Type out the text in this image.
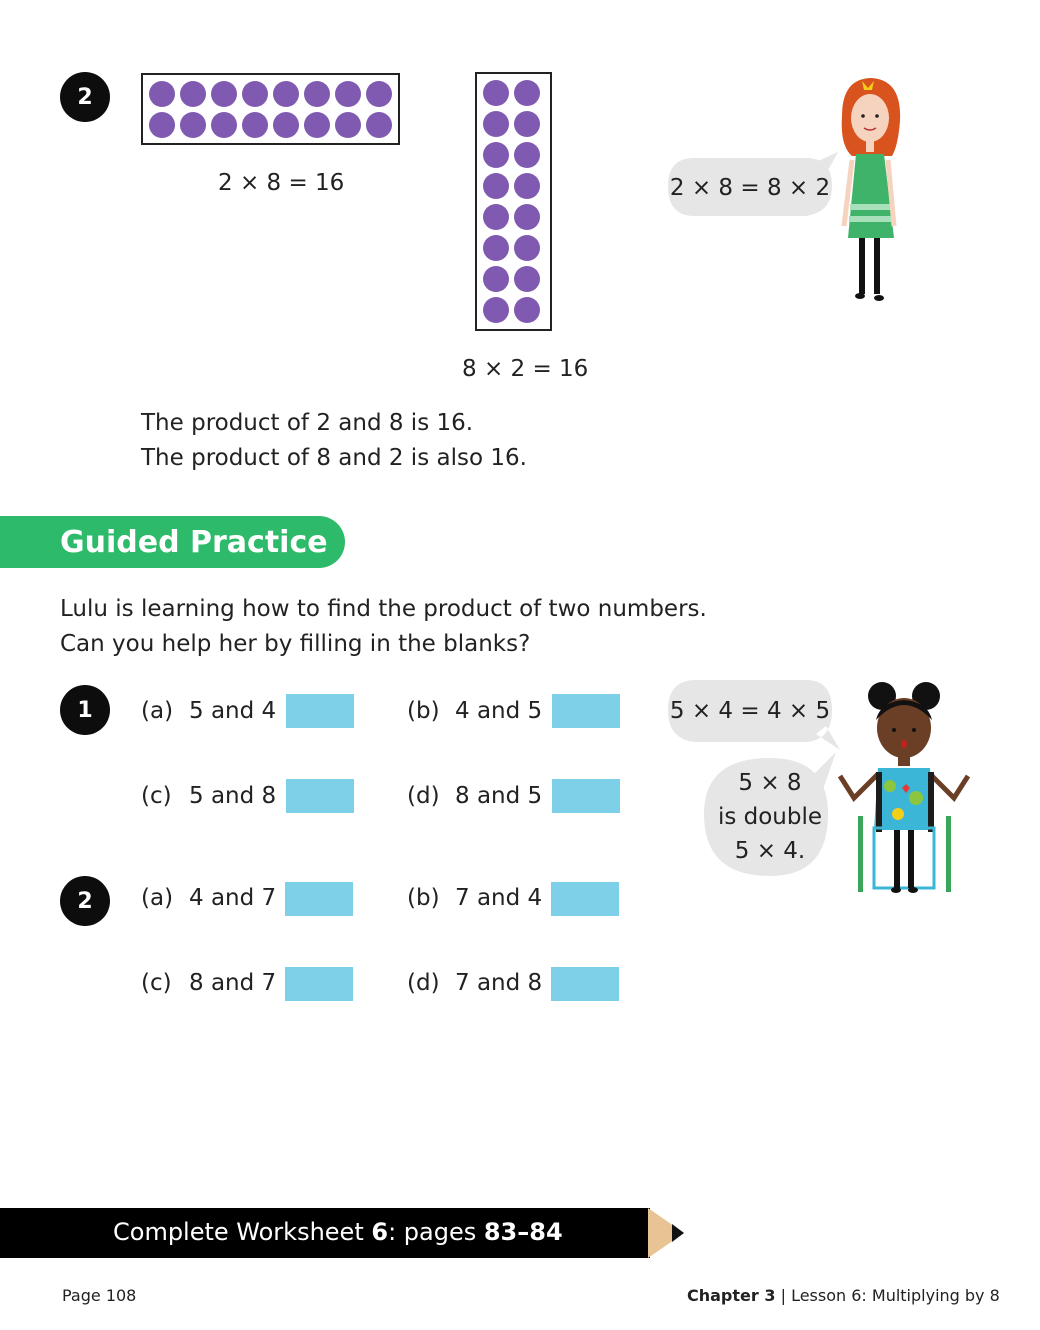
2
2 × 8 = 16
8 × 2 = 16
2 × 8 = 8 × 2
The product of 2 and 8 is 16.
The product of 8 and 2 is also 16.
Guided Practice
Lulu is learning how to find the product of two numbers.
Can you help her by filling in the blanks?
1	(a) 5 and 4	(b) 4 and 5
(c) 5 and 8	(d) 8 and 5
2	(a) 4 and 7	(b) 7 and 4
(c) 8 and 7	(d) 7 and 8
5 × 4 = 4 × 5
5 × 8
is double
5 × 4.
Complete Worksheet 6: pages 83–84
Page 108	Chapter 3 | Lesson 6: Multiplying by 8
